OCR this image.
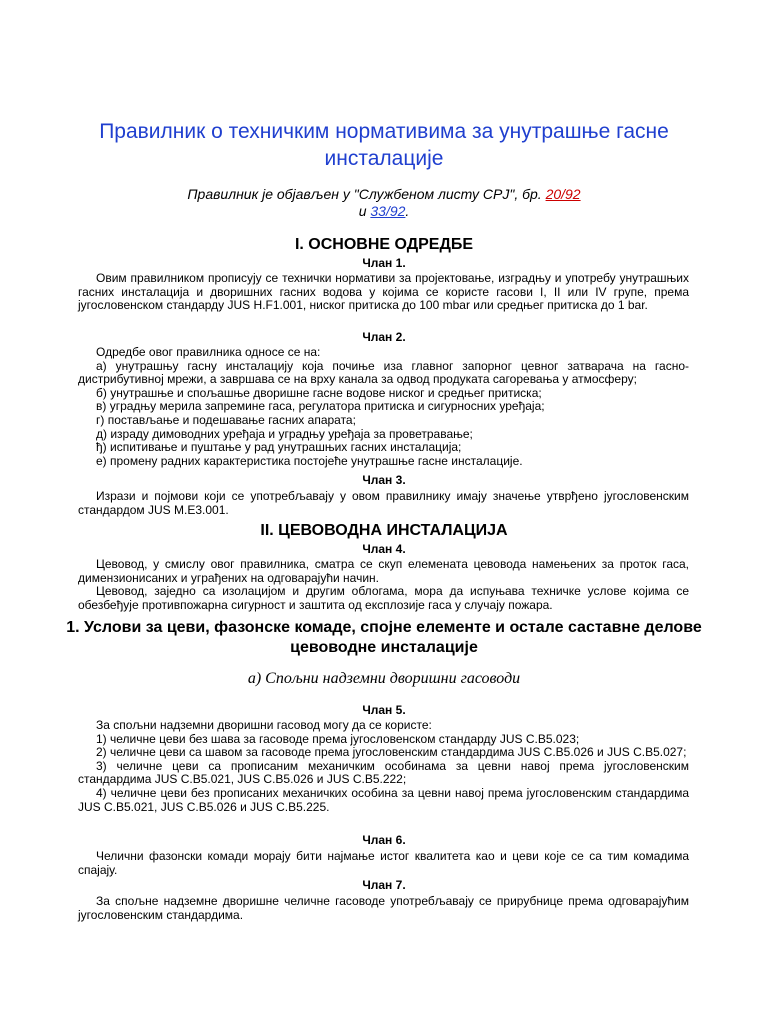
Правилник о техничким нормативима за унутрашње гасне инсталације
Правилник је објављен у "Службеном листу СРЈ", бр. 20/92
и 33/92.
I. ОСНОВНЕ ОДРЕДБЕ
Члан 1.
Овим правилником прописују се технички нормативи за пројектовање, изградњу и употребу унутрашњих гасних инсталација и дворишних гасних водова у којима се користе гасови I, II или IV групе, према југословенском стандарду JUS H.F1.001, ниског притиска до 100 mbar или средњег притиска до 1 bar.
Члан 2.
Одредбе овог правилника односе се на:
а) унутрашњу гасну инсталацију која почиње иза главног запорног цевног затварача на гасно-дистрибутивној мрежи, а завршава се на врху канала за одвод продуката сагоревања у атмосферу;
б) унутрашње и спољашње дворишне гасне водове ниског и средњег притиска;
в) уградњу мерила запремине гаса, регулатора притиска и сигурносних уређаја;
г) постављање и подешавање гасних апарата;
д) израду димоводних уређаја и уградњу уређаја за проветравање;
ђ) испитивање и пуштање у рад унутрашњих гасних инсталација;
е) промену радних карактеристика постојеће унутрашње гасне инсталације.
Члан 3.
Изрази и појмови који се употребљавају у овом правилнику имају значење утврђено југословенским стандардом JUS M.E3.001.
II. ЦЕВОВОДНА ИНСТАЛАЦИЈА
Члан 4.
Цевовод, у смислу овог правилника, сматра се скуп елемената цевовода намењених за проток гаса, димензионисаних и уграђених на одговарајући начин.
Цевовод, заједно са изолацијом и другим облогама, мора да испуњава техничке услове којима се обезбеђује противпожарна сигурност и заштита од експлозије гаса у случају пожара.
1. Услови за цеви, фазонске комаде, спојне елементе и остале саставне делове цевоводне инсталације
а) Спољни надземни дворишни гасоводи
Члан 5.
За спољни надземни дворишни гасовод могу да се користе:
1) челичне цеви без шава за гасоводе према југословенском стандарду JUS C.B5.023;
2) челичне цеви са шавом за гасоводе према југословенским стандардима JUS C.B5.026 и JUS C.B5.027;
3) челичне цеви са прописаним механичким особинама за цевни навој према југословенским стандардима JUS C.B5.021, JUS C.B5.026 и JUS C.B5.222;
4) челичне цеви без прописаних механичких особина за цевни навој према југословенским стандардима JUS C.B5.021, JUS C.B5.026 и JUS C.B5.225.
Члан 6.
Челични фазонски комади морају бити најмање истог квалитета као и цеви које се са тим комадима спајају.
Члан 7.
За спољне надземне дворишне челичне гасоводе употребљавају се прирубнице према одговарајућим југословенским стандардима.
